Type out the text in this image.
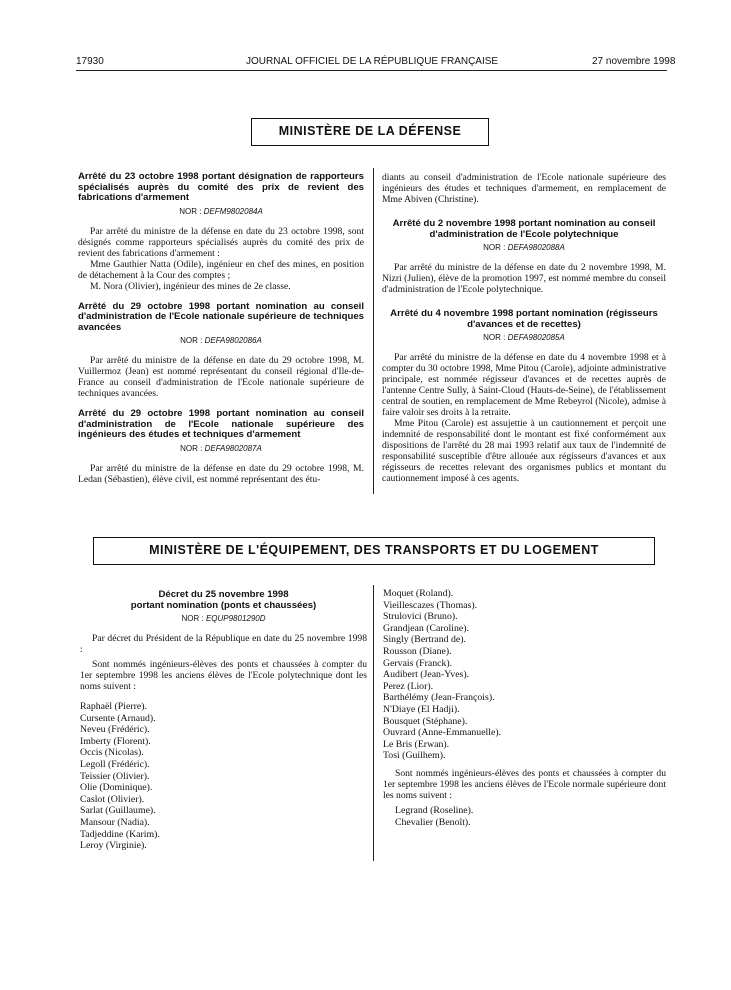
17930	JOURNAL OFFICIEL DE LA RÉPUBLIQUE FRANÇAISE	27 novembre 1998
MINISTÈRE DE LA DÉFENSE
Arrêté du 23 octobre 1998 portant désignation de rapporteurs spécialisés auprès du comité des prix de revient des fabrications d'armement
NOR : DEFM9802084A

Par arrêté du ministre de la défense en date du 23 octobre 1998, sont désignés comme rapporteurs spécialisés auprès du comité des prix de revient des fabrications d'armement :

Mme Gauthier Natta (Odile), ingénieur en chef des mines, en position de détachement à la Cour des comptes ;

M. Nora (Olivier), ingénieur des mines de 2e classe.

Arrêté du 29 octobre 1998 portant nomination au conseil d'administration de l'Ecole nationale supérieure de techniques avancées
NOR : DEFA9802086A

Par arrêté du ministre de la défense en date du 29 octobre 1998, M. Vuillermoz (Jean) est nommé représentant du conseil régional d'Ile-de-France au conseil d'administration de l'Ecole nationale supérieure de techniques avancées.

Arrêté du 29 octobre 1998 portant nomination au conseil d'administration de l'Ecole nationale supérieure des ingénieurs des études et techniques d'armement
NOR : DEFA9802087A

Par arrêté du ministre de la défense en date du 29 octobre 1998, M. Ledan (Sébastien), élève civil, est nommé représentant des étu-

diants au conseil d'administration de l'Ecole nationale supérieure des ingénieurs des études et techniques d'armement, en remplacement de Mme Abiven (Christine).
Arrêté du 2 novembre 1998 portant nomination au conseil d'administration de l'Ecole polytechnique
NOR : DEFA9802088A

Par arrêté du ministre de la défense en date du 2 novembre 1998, M. Nizri (Julien), élève de la promotion 1997, est nommé membre du conseil d'administration de l'Ecole polytechnique.

Arrêté du 4 novembre 1998 portant nomination (régisseurs d'avances et de recettes)
NOR : DEFA9802085A

Par arrêté du ministre de la défense en date du 4 novembre 1998 et à compter du 30 octobre 1998, Mme Pitou (Carole), adjointe administrative principale, est nommée régisseur d'avances et de recettes auprès de l'antenne Centre Sully, à Saint-Cloud (Hauts-de-Seine), de l'établissement central de soutien, en remplacement de Mme Rebeyrol (Nicole), admise à faire valoir ses droits à la retraite.

Mme Pitou (Carole) est assujettie à un cautionnement et perçoit une indemnité de responsabilité dont le montant est fixé conformément aux dispositions de l'arrêté du 28 mai 1993 relatif aux taux de l'indemnité de responsabilité susceptible d'être allouée aux régisseurs d'avances et aux régisseurs de recettes relevant des organismes publics et montant du cautionnement imposé à ces agents.

MINISTÈRE DE L'ÉQUIPEMENT, DES TRANSPORTS ET DU LOGEMENT
Décret du 25 novembre 1998
portant nomination (ponts et chaussées)
NOR : EQUP9801290D

Par décret du Président de la République en date du 25 novembre 1998 :

Sont nommés ingénieurs-élèves des ponts et chaussées à compter du 1er septembre 1998 les anciens élèves de l'Ecole polytechnique dont les noms suivent :

Raphaël (Pierre).
Cursente (Arnaud).
Neveu (Frédéric).
Imberty (Florent).
Occis (Nicolas).
Legoll (Frédéric).
Teissier (Olivier).
Olie (Dominique).
Caslot (Olivier).
Sarlat (Guillaume).
Mansour (Nadia).
Tadjeddine (Karim).
Leroy (Virginie).
Moquet (Roland).
Vieillescazes (Thomas).
Strulovici (Bruno).
Grandjean (Caroline).
Singly (Bertrand de).
Rousson (Diane).
Gervais (Franck).
Audibert (Jean-Yves).
Perez (Lior).
Barthélémy (Jean-François).
N'Diaye (El Hadji).
Bousquet (Stéphane).
Ouvrard (Anne-Emmanuelle).
Le Bris (Erwan).
Tosi (Guilhem).

Sont nommés ingénieurs-élèves des ponts et chaussées à compter du 1er septembre 1998 les anciens élèves de l'Ecole normale supérieure dont les noms suivent :

Legrand (Roseline).
Chevalier (Benoît).
